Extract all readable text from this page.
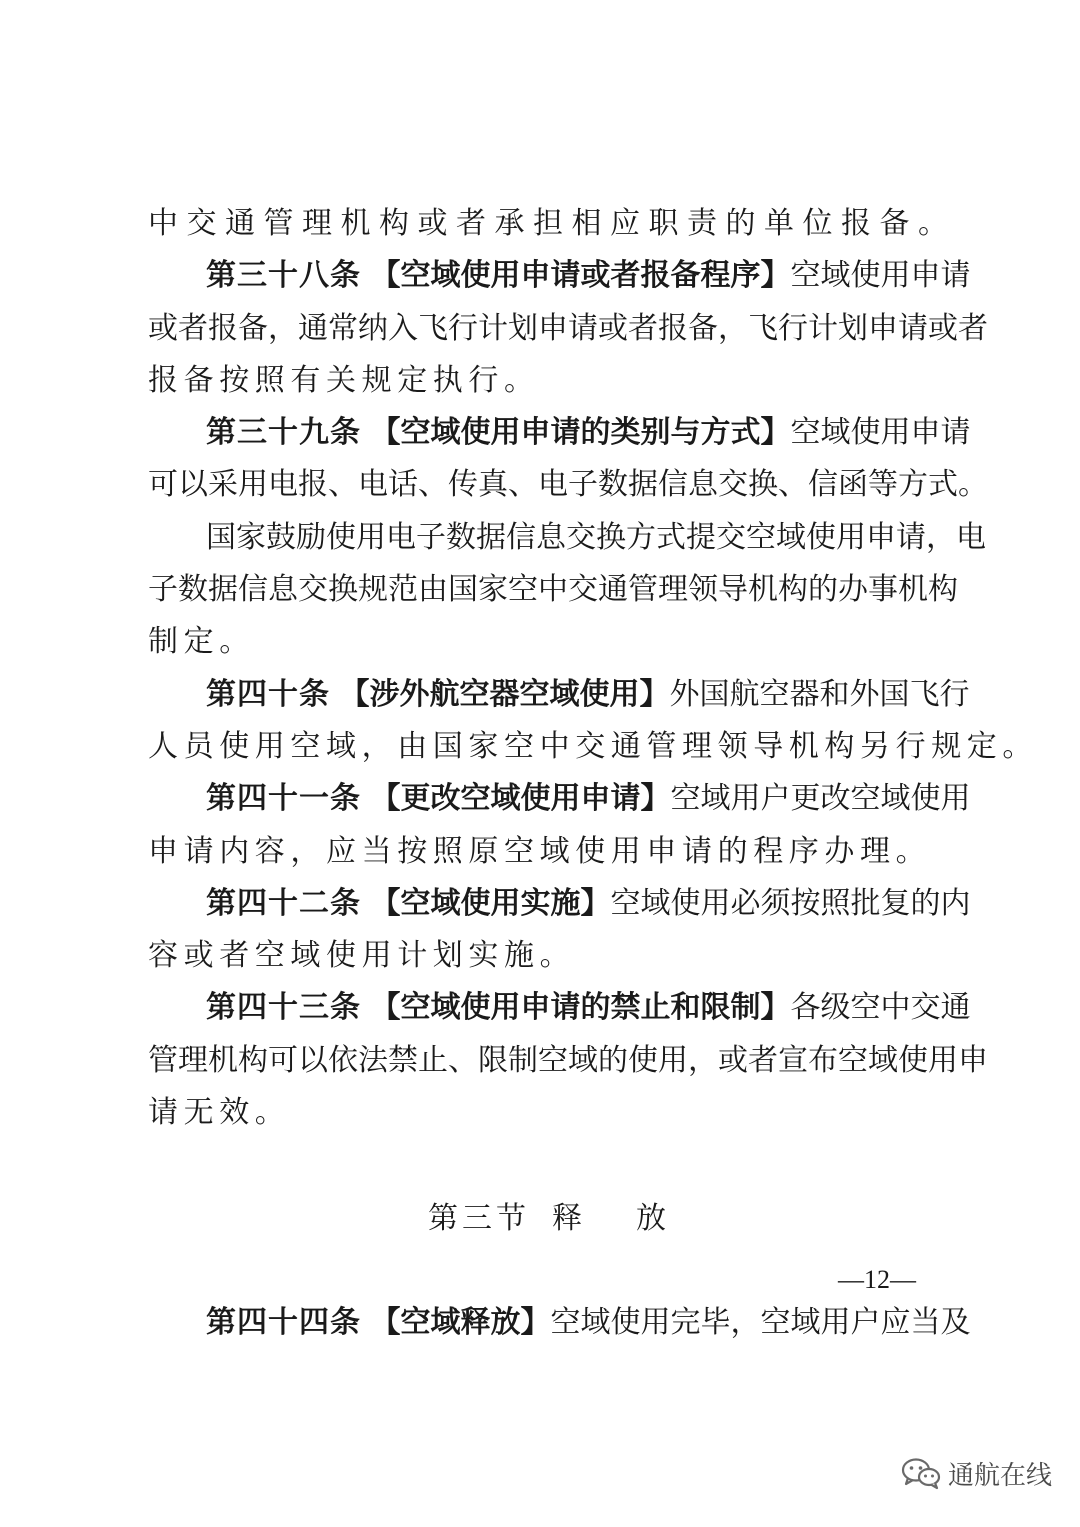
中交通管理机构或者承担相应职责的单位报备。
第三十八条 【空域使用申请或者报备程序】空域使用申请
或者报备，通常纳入飞行计划申请或者报备，飞行计划申请或者
报备按照有关规定执行。
第三十九条 【空域使用申请的类别与方式】空域使用申请
可以采用电报、电话、传真、电子数据信息交换、信函等方式。
国家鼓励使用电子数据信息交换方式提交空域使用申请，电
子数据信息交换规范由国家空中交通管理领导机构的办事机构
制定。
第四十条 【涉外航空器空域使用】外国航空器和外国飞行
人员使用空域，由国家空中交通管理领导机构另行规定。
第四十一条 【更改空域使用申请】空域用户更改空域使用
申请内容，应当按照原空域使用申请的程序办理。
第四十二条 【空域使用实施】空域使用必须按照批复的内
容或者空域使用计划实施。
第四十三条 【空域使用申请的禁止和限制】各级空中交通
管理机构可以依法禁止、限制空域的使用，或者宣布空域使用申
请无效。
第三节 释 放
第四十四条 【空域释放】空域使用完毕，空域用户应当及
—12—
通航在线
